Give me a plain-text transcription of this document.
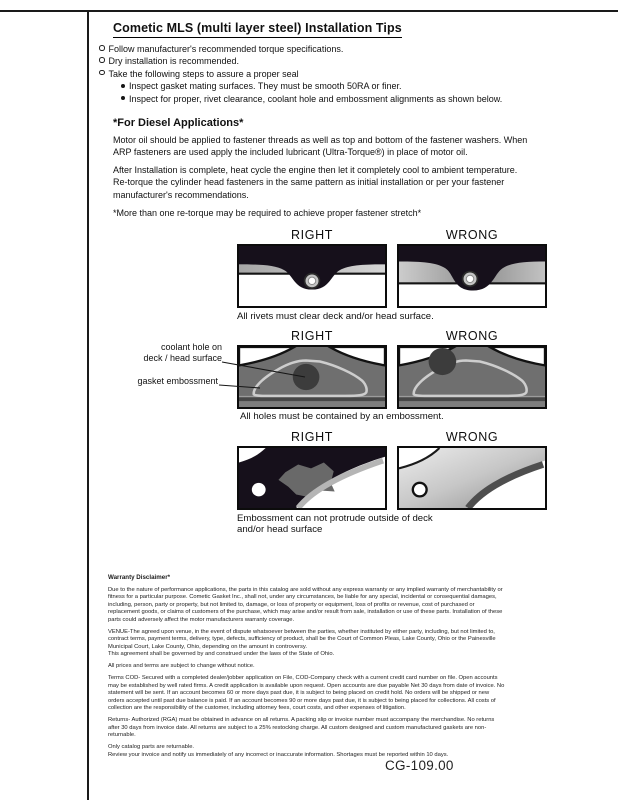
Cometic MLS (multi layer steel) Installation Tips
Follow manufacturer's recommended torque specifications.
Dry installation is recommended.
Take the following steps to assure a proper seal
Inspect gasket mating surfaces. They must be smooth 50RA or finer.
Inspect for proper, rivet clearance, coolant hole and embossment alignments as shown below.
*For Diesel Applications*

Motor oil should be applied to fastener threads as well as top and bottom of the fastener washers. When ARP fasteners are used apply the included lubricant (Ultra-Torque®) in place of motor oil.

After Installation is complete, heat cycle the engine then let it completely cool to ambient temperature. Re-torque the cylinder head fasteners in the same pattern as initial installation or per your fastener manufacturer's recommendations.

*More than one re-torque may be required to achieve proper fastener stretch*

RIGHT	WRONG
All rivets must clear deck and/or head surface.
RIGHT	WRONG
All holes must be contained by an embossment.
coolant hole on
deck / head surface
gasket embossment
RIGHT	WRONG
Embossment can not protrude outside of deck and/or head surface

Warranty Disclaimer*

Due to the nature of performance applications, the parts in this catalog are sold without any express warranty or any implied warranty of merchantability or fitness for a particular purpose. Cometic Gasket Inc., shall not, under any circumstances, be liable for any special, incidental or consequential damages, including, person, party or property, but not limited to, damage, or loss of property or equipment, loss of profits or revenue, cost of purchased or replacement goods, or claims of customers of the purchase, which may arise and/or result from sale, installation or use of these parts. Installation of these parts could adversely affect the motor manufacturers warranty coverage.

VENUE-The agreed upon venue, in the event of dispute whatsoever between the parties, whether instituted by either party, including, but not limited to, contract terms, payment terms, delivery, type, defects, sufficiency of product, shall be the Court of Common Pleas, Lake County, Ohio or the Painesville Municipal Court, Lake County, Ohio, depending on the amount in controversy.

This agreement shall be governed by and construed under the laws of the State of Ohio.

All prices and terms are subject to change without notice.

Terms COD- Secured with a completed dealer/jobber application on File, COD-Company check with a current credit card number on file. Open accounts may be established by well rated firms. A credit application is available upon request. Open accounts are due payable Net 30 days from date of invoice. No statement will be sent. If an account becomes 60 or more days past due, it is subject to being placed on credit hold. No orders will be shipped or new orders accepted until past due balance is paid. If an account becomes 90 or more days past due, it is subject to being placed for collections. All costs of collection are the responsibility of the customer, including attorney fees, court costs, and other expenses of litigation.

Returns- Authorized (RGA) must be obtained in advance on all returns. A packing slip or invoice number must accompany the merchandise. No returns after 30 days from invoice date. All returns are subject to a 25% restocking charge. All custom designed and custom manufactured gaskets are non-returnable.

Only catalog parts are returnable.

Review your invoice and notify us immediately of any incorrect or inaccurate information. Shortages must be reported within 10 days.

CG-109.00
